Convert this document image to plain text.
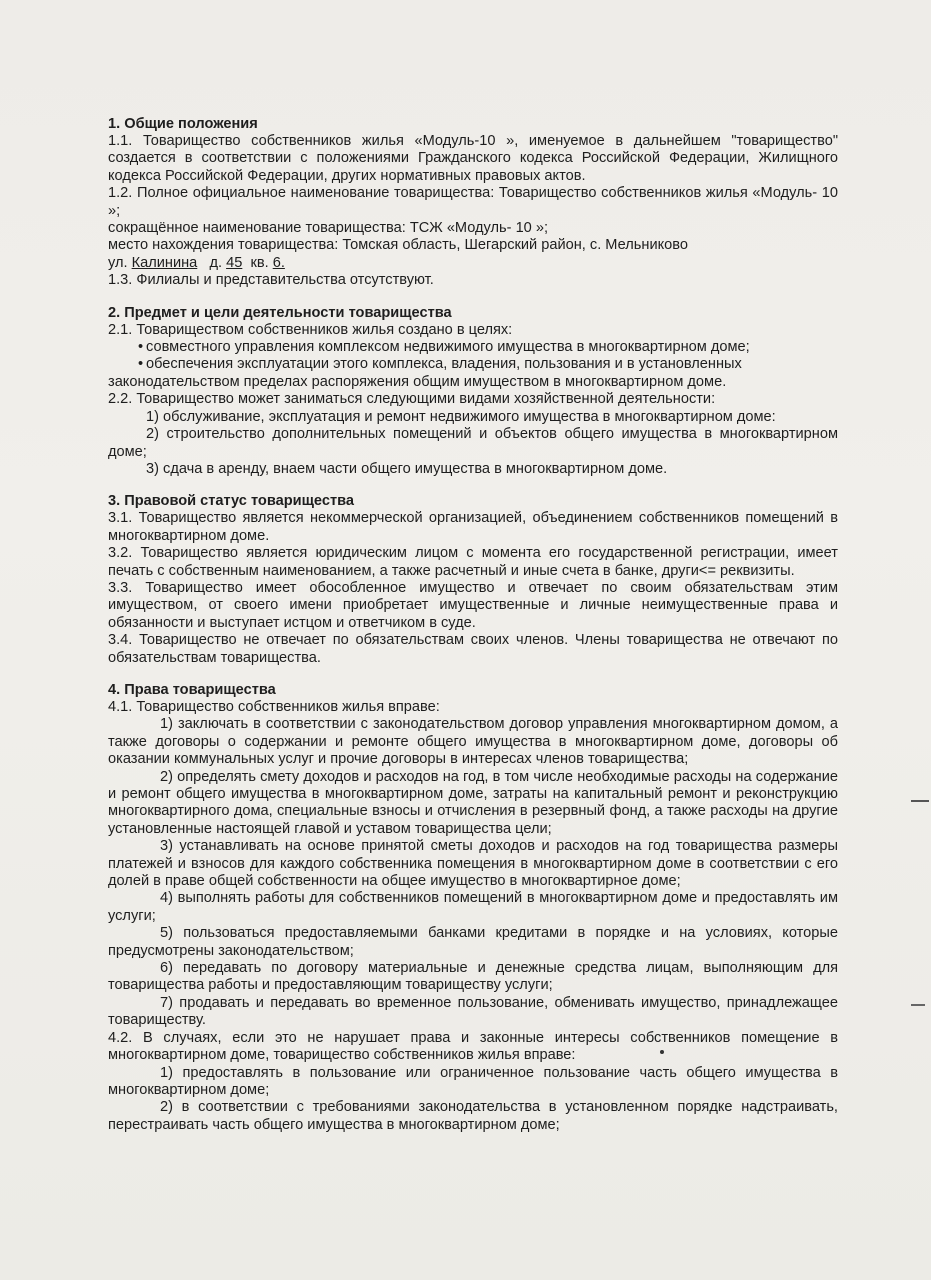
1. Общие положения

1.1. Товарищество собственников жилья «Модуль-10 », именуемое в дальнейшем "товарищество" создается в соответствии с положениями Гражданского кодекса Российской Федерации, Жилищного кодекса Российской Федерации, других нормативных правовых актов.

1.2. Полное официальное наименование товарищества: Товарищество собственников жилья «Модуль- 10 »;

сокращённое наименование товарищества: ТСЖ «Модуль- 10 »;

место нахождения товарищества: Томская область, Шегарский район, с. Мельниково

ул. Калинина д. 45 кв. 6.

1.3. Филиалы и представительства отсутствуют.

2. Предмет и цели деятельности товарищества

2.1. Товариществом собственников жилья создано в целях:

• совместного управления комплексом недвижимого имущества в многоквартирном доме;

• обеспечения эксплуатации этого комплекса, владения, пользования и в установленных

законодательством пределах распоряжения общим имуществом в многоквартирном доме.

2.2. Товарищество может заниматься следующими видами хозяйственной деятельности:

1) обслуживание, эксплуатация и ремонт недвижимого имущества в многоквартирном доме:

2) строительство дополнительных помещений и объектов общего имущества в многоквартирном доме;

3) сдача в аренду, внаем части общего имущества в многоквартирном доме.

3. Правовой статус товарищества

3.1. Товарищество является некоммерческой организацией, объединением собственников помещений в многоквартирном доме.

3.2. Товарищество является юридическим лицом с момента его государственной регистрации, имеет печать с собственным наименованием, а также расчетный и иные счета в банке, други<= реквизиты.

3.3. Товарищество имеет обособленное имущество и отвечает по своим обязательствам этим имуществом, от своего имени приобретает имущественные и личные неимущественные права и обязанности и выступает истцом и ответчиком в суде.

3.4. Товарищество не отвечает по обязательствам своих членов. Члены товарищества не отвечают по обязательствам товарищества.

4. Права товарищества

4.1. Товарищество собственников жилья вправе:

1) заключать в соответствии с законодательством договор управления многоквартирном домом, а также договоры о содержании и ремонте общего имущества в многоквартирном доме, договоры об оказании коммунальных услуг и прочие договоры в интересах членов товарищества;

2) определять смету доходов и расходов на год, в том числе необходимые расходы на содержание и ремонт общего имущества в многоквартирном доме, затраты на капитальный ремонт и реконструкцию многоквартирного дома, специальные взносы и отчисления в резервный фонд, а также расходы на другие установленные настоящей главой и уставом товарищества цели;

3) устанавливать на основе принятой сметы доходов и расходов на год товарищества размеры платежей и взносов для каждого собственника помещения в многоквартирном доме в соответствии с его долей в праве общей собственности на общее имущество в многоквартирное доме;

4) выполнять работы для собственников помещений в многоквартирном доме и предоставлять им услуги;

5) пользоваться предоставляемыми банками кредитами в порядке и на условиях, которые предусмотрены законодательством;

6) передавать по договору материальные и денежные средства лицам, выполняющим для товарищества работы и предоставляющим товариществу услуги;

7) продавать и передавать во временное пользование, обменивать имущество, принадлежащее товариществу.

4.2. В случаях, если это не нарушает права и законные интересы собственников помещение в многоквартирном доме, товарищество собственников жилья вправе:

1) предоставлять в пользование или ограниченное пользование часть общего имущества в многоквартирном доме;

2) в соответствии с требованиями законодательства в установленном порядке надстраивать, перестраивать часть общего имущества в многоквартирном доме;
